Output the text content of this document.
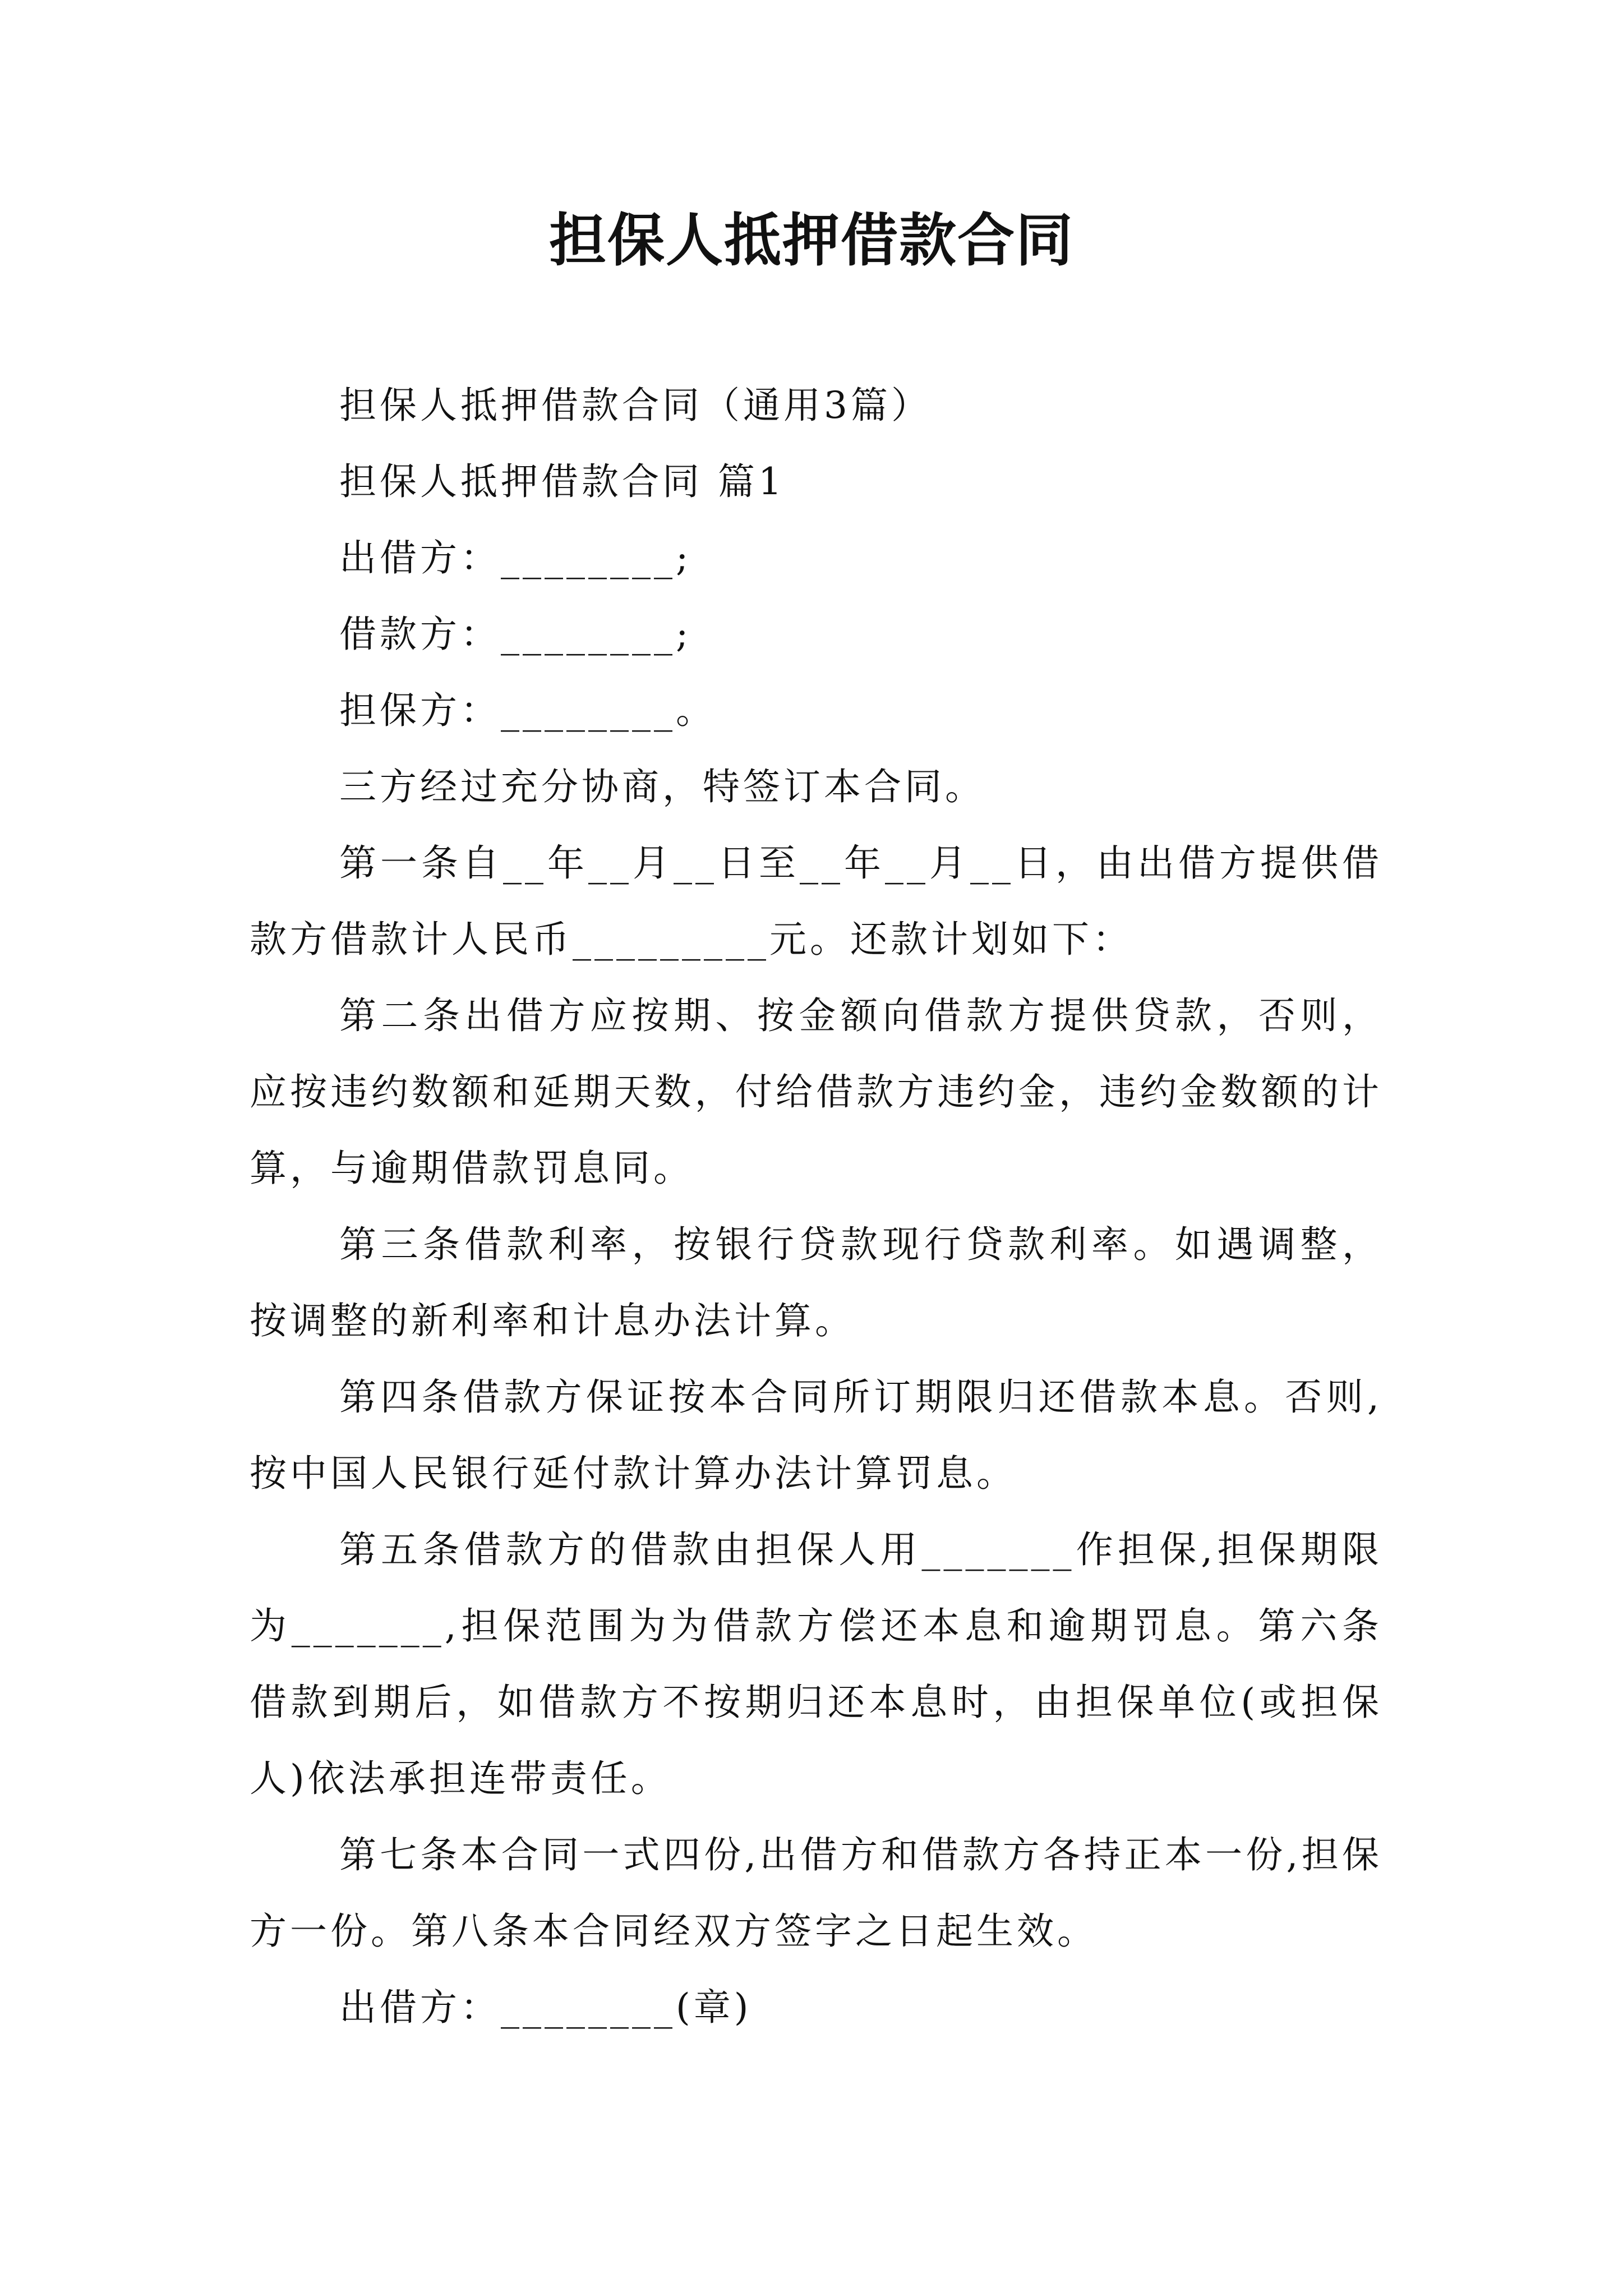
担保人抵押借款合同

担保人抵押借款合同（通用3篇）

担保人抵押借款合同 篇1

出借方：________;

借款方：________;

担保方：________。

三方经过充分协商，特签订本合同。

第一条自__年__月__日至__年__月__日，由出借方提供借款方借款计人民币_________元。还款计划如下：

第二条出借方应按期、按金额向借款方提供贷款，否则，应按违约数额和延期天数，付给借款方违约金，违约金数额的计算，与逾期借款罚息同。

第三条借款利率，按银行贷款现行贷款利率。如遇调整，按调整的新利率和计息办法计算。

第四条借款方保证按本合同所订期限归还借款本息。否则,按中国人民银行延付款计算办法计算罚息。

第五条借款方的借款由担保人用_______作担保,担保期限为_______,担保范围为为借款方偿还本息和逾期罚息。第六条借款到期后，如借款方不按期归还本息时，由担保单位(或担保人)依法承担连带责任。

第七条本合同一式四份,出借方和借款方各持正本一份,担保方一份。第八条本合同经双方签字之日起生效。

出借方：________(章)
